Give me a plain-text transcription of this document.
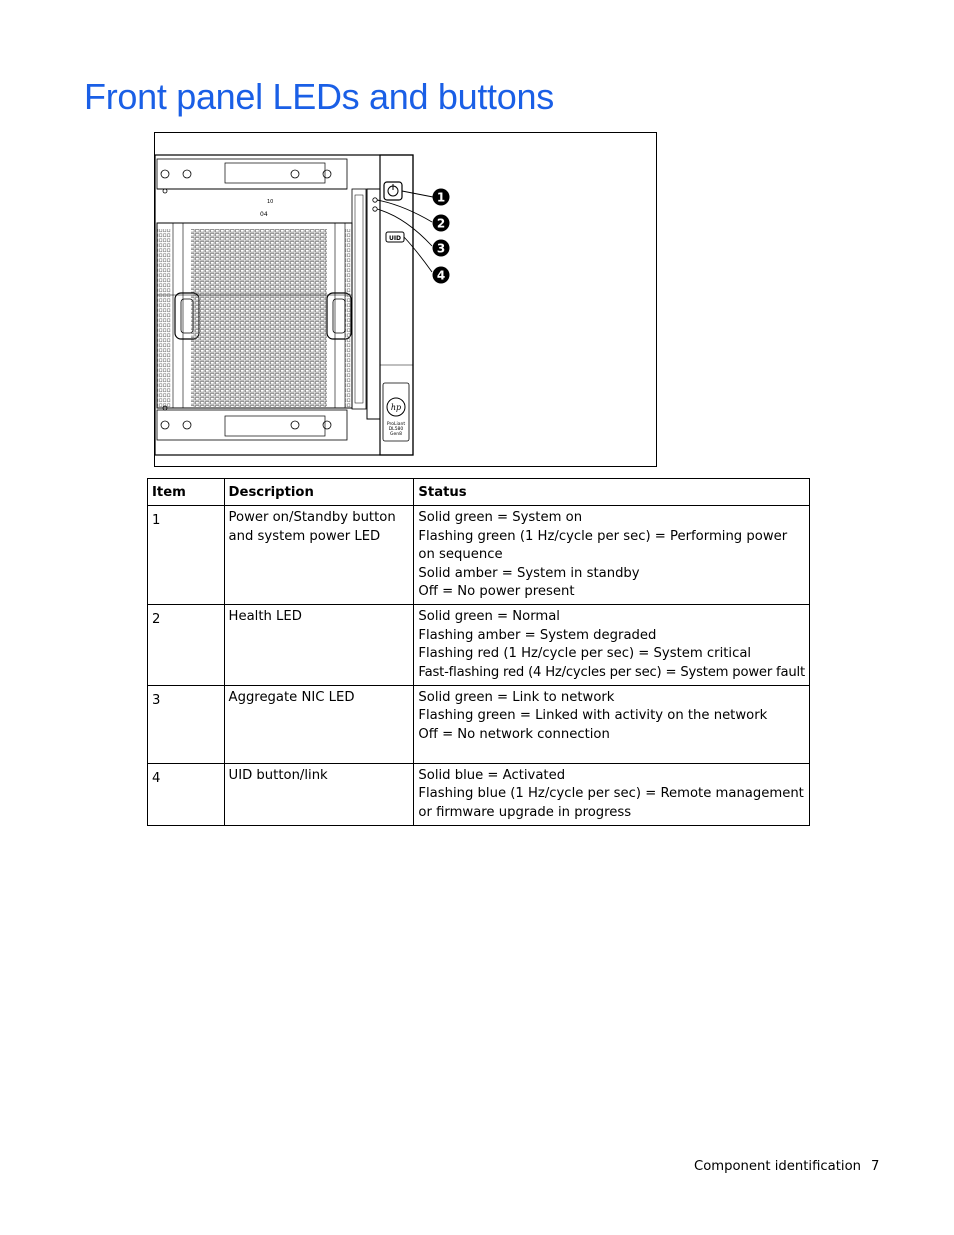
Front panel LEDs and buttons
10
04
UID
hp
ProLiant
DL580
Gen8
1
2
3
4
Item	Description	Status
1	Power on/Standby button and system power LED	Solid green = System on
Flashing green (1 Hz/cycle per sec) = Performing power on sequence
Solid amber = System in standby
Off = No power present

2	Health LED	Solid green = Normal
Flashing amber = System degraded
Flashing red (1 Hz/cycle per sec) = System critical
Fast-flashing red (4 Hz/cycles per sec) = System power fault

3	Aggregate NIC LED	Solid green = Link to network
Flashing green = Linked with activity on the network
Off = No network connection

4	UID button/link	Solid blue = Activated
Flashing blue (1 Hz/cycle per sec) = Remote management or firmware upgrade in progress
Component identification 7
